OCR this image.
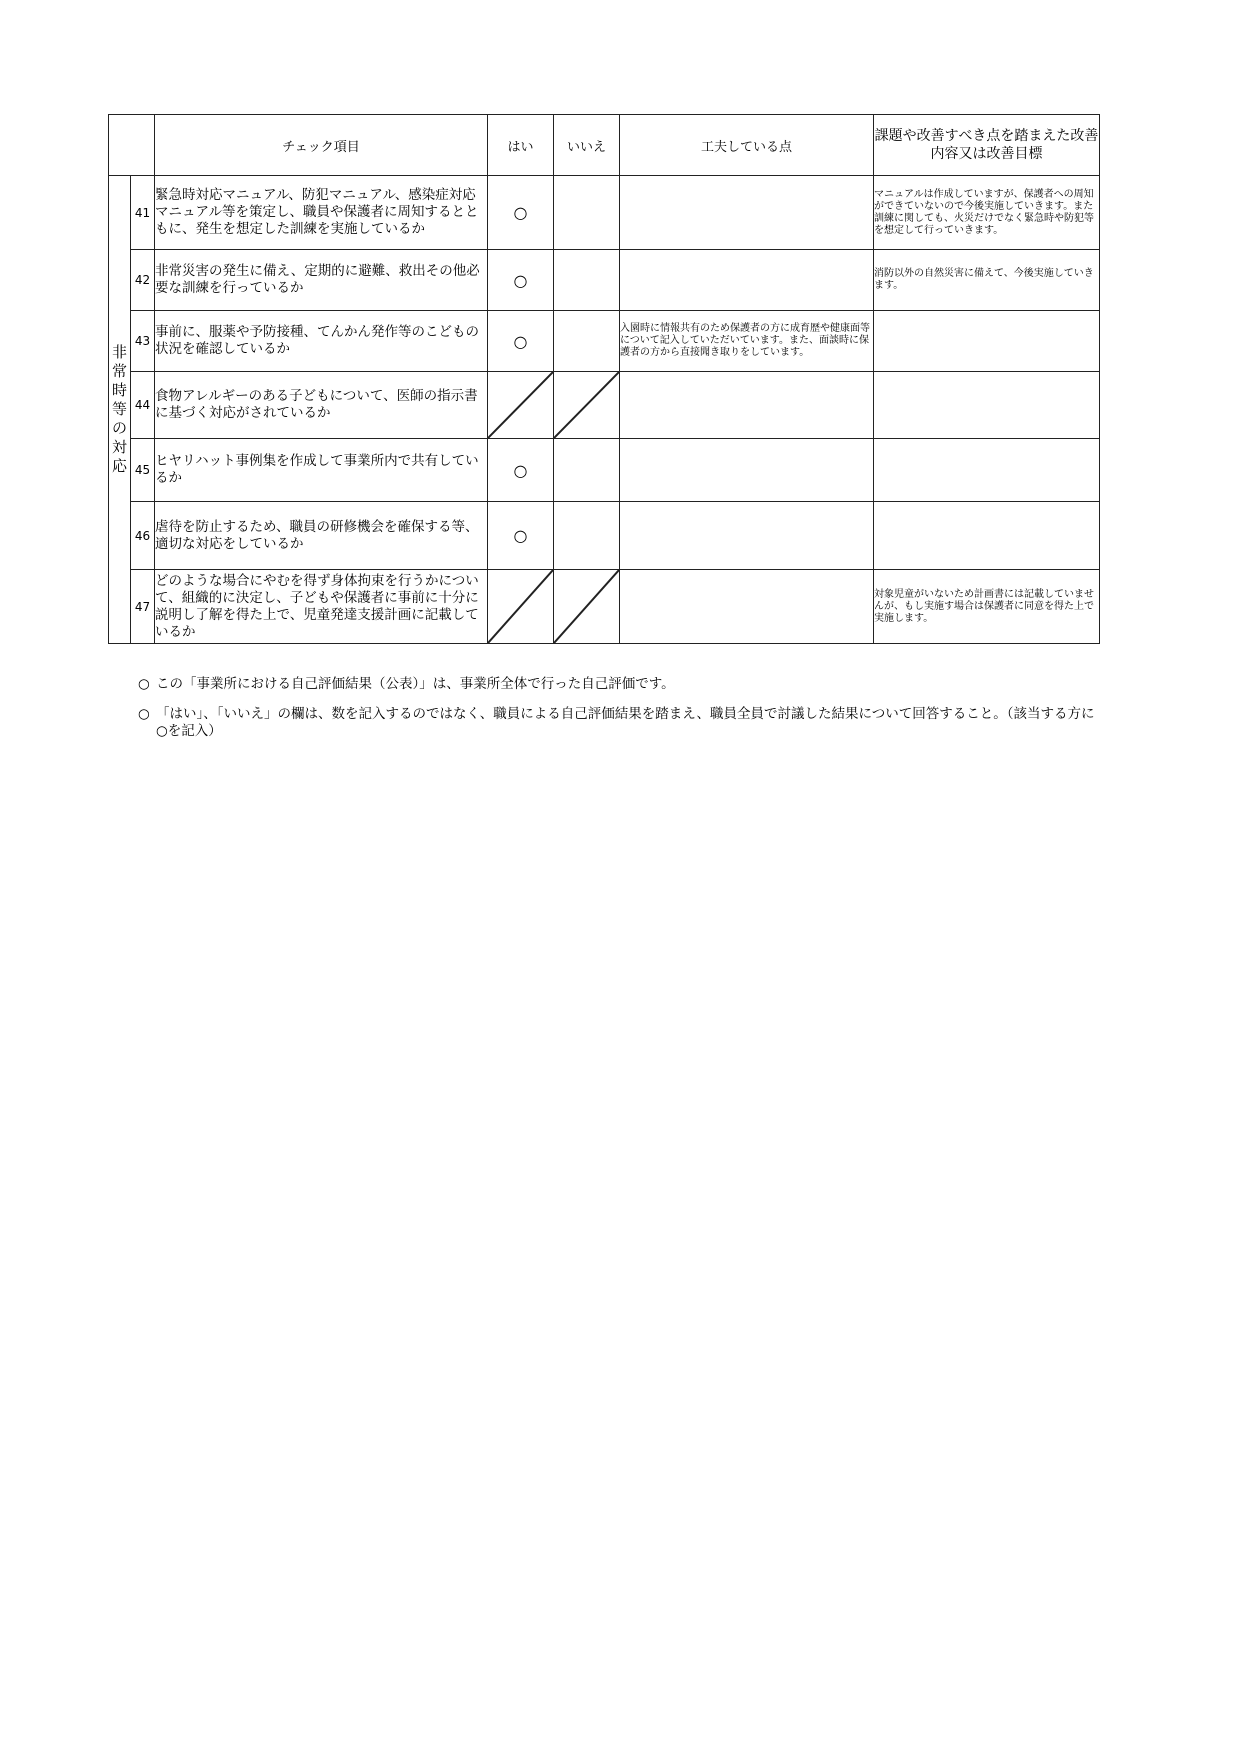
		チェック項目	はい	いいえ	工夫している点	課題や改善すべき点を踏まえた改善内容又は改善目標

非常時等の対応	41	緊急時対応マニュアル、防犯マニュアル、感染症対応マニュアル等を策定し、職員や保護者に周知するとともに、発生を想定した訓練を実施しているか	○			マニュアルは作成していますが、保護者への周知ができていないので今後実施していきます。また訓練に関しても、火災だけでなく緊急時や防犯等を想定して行っていきます。
	42	非常災害の発生に備え、定期的に避難、救出その他必要な訓練を行っているか	○			消防以外の自然災害に備えて、今後実施していきます。
	43	事前に、服薬や予防接種、てんかん発作等のこどもの状況を確認しているか	○		入園時に情報共有のため保護者の方に成育歴や健康面等について記入していただいています。また、面談時に保護者の方から直接聞き取りをしています。	
	44	食物アレルギーのある子どもについて、医師の指示書に基づく対応がされているか	

	45	ヒヤリハット事例集を作成して事業所内で共有しているか	○			
	46	虐待を防止するため、職員の研修機会を確保する等、適切な対応をしているか	○			
	47	どのような場合にやむを得ず身体拘束を行うかについて、組織的に決定し、子どもや保護者に事前に十分に説明し了解を得た上で、児童発達支援計画に記載しているか				対象児童がいないため計画書には記載していませんが、もし実施す場合は保護者に同意を得た上で実施します。
○ この「事業所における自己評価結果（公表）」は、事業所全体で行った自己評価です。
○ 「はい」、「いいえ」の欄は、数を記入するのではなく、職員による自己評価結果を踏まえ、職員全員で討議した結果について回答すること。（該当する方に○を記入）
